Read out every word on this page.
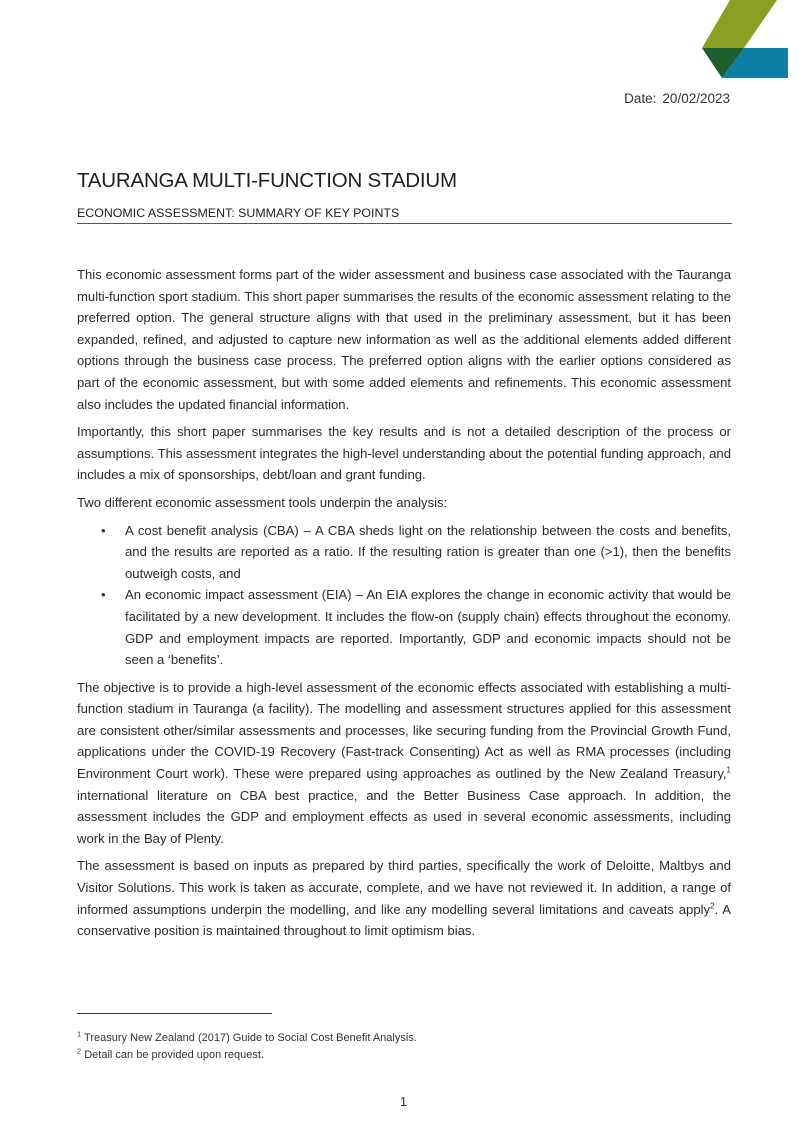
Date: 20/02/2023
TAURANGA MULTI-FUNCTION STADIUM
ECONOMIC ASSESSMENT: SUMMARY OF KEY POINTS

This economic assessment forms part of the wider assessment and business case associated with the Tauranga multi-function sport stadium. This short paper summarises the results of the economic assessment relating to the preferred option. The general structure aligns with that used in the preliminary assessment, but it has been expanded, refined, and adjusted to capture new information as well as the additional elements added different options through the business case process. The preferred option aligns with the earlier options considered as part of the economic assessment, but with some added elements and refinements. This economic assessment also includes the updated financial information.

Importantly, this short paper summarises the key results and is not a detailed description of the process or assumptions. This assessment integrates the high-level understanding about the potential funding approach, and includes a mix of sponsorships, debt/loan and grant funding.

Two different economic assessment tools underpin the analysis:

• A cost benefit analysis (CBA) – A CBA sheds light on the relationship between the costs and benefits, and the results are reported as a ratio. If the resulting ration is greater than one (>1), then the benefits outweigh costs, and
• An economic impact assessment (EIA) – An EIA explores the change in economic activity that would be facilitated by a new development. It includes the flow-on (supply chain) effects throughout the economy. GDP and employment impacts are reported. Importantly, GDP and economic impacts should not be seen a ‘benefits’.

The objective is to provide a high-level assessment of the economic effects associated with establishing a multi-function stadium in Tauranga (a facility). The modelling and assessment structures applied for this assessment are consistent other/similar assessments and processes, like securing funding from the Provincial Growth Fund, applications under the COVID-19 Recovery (Fast-track Consenting) Act as well as RMA processes (including Environment Court work). These were prepared using approaches as outlined by the New Zealand Treasury,$^1$ international literature on CBA best practice, and the Better Business Case approach. In addition, the assessment includes the GDP and employment effects as used in several economic assessments, including work in the Bay of Plenty.

The assessment is based on inputs as prepared by third parties, specifically the work of Deloitte, Maltbys and Visitor Solutions. This work is taken as accurate, complete, and we have not reviewed it. In addition, a range of informed assumptions underpin the modelling, and like any modelling several limitations and caveats apply$^2$. A conservative position is maintained throughout to limit optimism bias.

$^1$ Treasury New Zealand (2017) Guide to Social Cost Benefit Analysis.
$^2$ Detail can be provided upon request.
1
